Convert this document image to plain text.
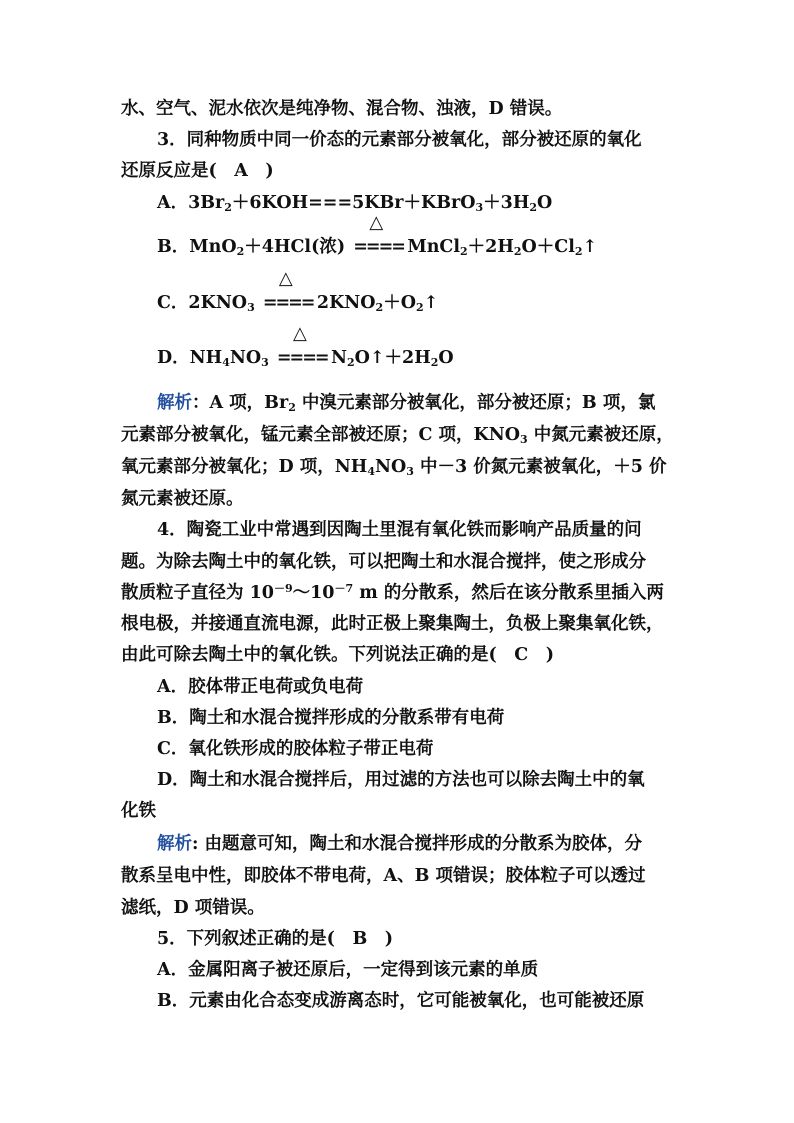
水、空气、泥水依次是纯净物、混合物、浊液，D 错误。
3．同种物质中同一价态的元素部分被氧化，部分被还原的氧化
还原反应是(　A　)
A．$3Br_2+6KOH===5KBr+KBrO_3+3H_2O$
B．MnO$_2$＋4HCl(浓)
△
==== $MnCl_2+2H_2O+Cl_2↑$
C．$2KNO_3$
△
==== $2KNO_2+O_2↑$
D．$NH_4NO_3$
△
==== $N_2O↑+2H_2O$
解析：A 项，$Br_2$ 中溴元素部分被氧化，部分被还原；B 项，氯
元素部分被氧化，锰元素全部被还原；C 项，$KNO_3$ 中氮元素被还原，
氧元素部分被氧化；D 项，$NH_4NO_3$ 中－3 价氮元素被氧化，＋5 价
氮元素被还原。
4．陶瓷工业中常遇到因陶土里混有氧化铁而影响产品质量的问
题。为除去陶土中的氧化铁，可以把陶土和水混合搅拌，使之形成分
散质粒子直径为 $10^{-9}\sim 10^{-7}$ m 的分散系，然后在该分散系里插入两
根电极，并接通直流电源，此时正极上聚集陶土，负极上聚集氧化铁，
由此可除去陶土中的氧化铁。下列说法正确的是(　C　)
A．胶体带正电荷或负电荷
B．陶土和水混合搅拌形成的分散系带有电荷
C．氧化铁形成的胶体粒子带正电荷
D．陶土和水混合搅拌后，用过滤的方法也可以除去陶土中的氧
化铁
解析: 由题意可知，陶土和水混合搅拌形成的分散系为胶体，分
散系呈电中性，即胶体不带电荷，A、B 项错误；胶体粒子可以透过
滤纸，D 项错误。
5．下列叙述正确的是(　B　)
A．金属阳离子被还原后，一定得到该元素的单质
B．元素由化合态变成游离态时，它可能被氧化，也可能被还原
